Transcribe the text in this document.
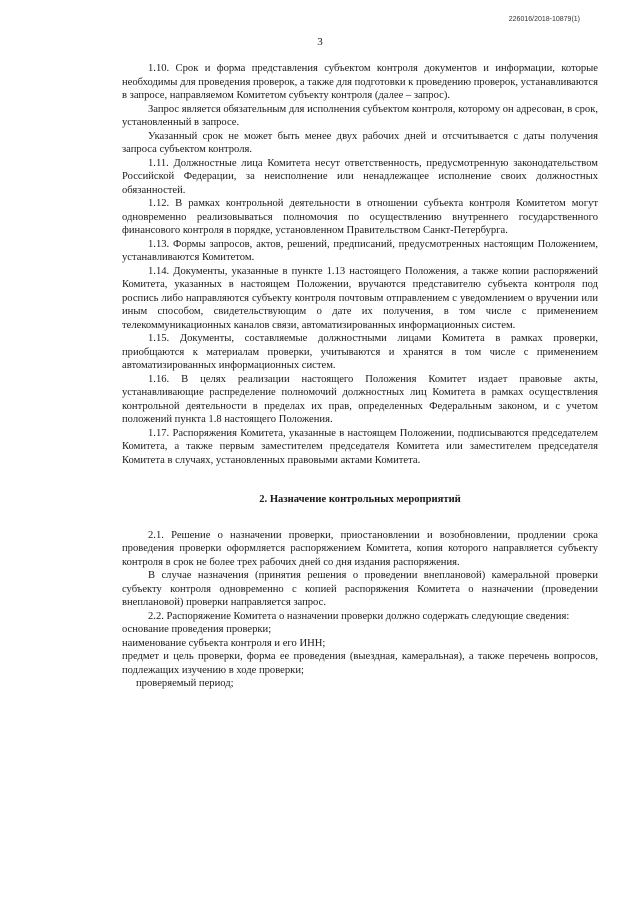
226016/2018-10879(1)
3

1.10. Срок и форма представления субъектом контроля документов и информации, которые необходимы для проведения проверок, а также для подготовки к проведению проверок, устанавливаются в запросе, направляемом Комитетом субъекту контроля (далее – запрос).

Запрос является обязательным для исполнения субъектом контроля, которому он адресован, в срок, установленный в запросе.

Указанный срок не может быть менее двух рабочих дней и отсчитывается с даты получения запроса субъектом контроля.

1.11. Должностные лица Комитета несут ответственность, предусмотренную законодательством Российской Федерации, за неисполнение или ненадлежащее исполнение своих должностных обязанностей.

1.12. В рамках контрольной деятельности в отношении субъекта контроля Комитетом могут одновременно реализовываться полномочия по осуществлению внутреннего государственного финансового контроля в порядке, установленном Правительством Санкт-Петербурга.

1.13. Формы запросов, актов, решений, предписаний, предусмотренных настоящим Положением, устанавливаются Комитетом.

1.14. Документы, указанные в пункте 1.13 настоящего Положения, а также копии распоряжений Комитета, указанных в настоящем Положении, вручаются представителю субъекта контроля под роспись либо направляются субъекту контроля почтовым отправлением с уведомлением о вручении или иным способом, свидетельствующим о дате их получения, в том числе с применением телекоммуникационных каналов связи, автоматизированных информационных систем.

1.15. Документы, составляемые должностными лицами Комитета в рамках проверки, приобщаются к материалам проверки, учитываются и хранятся в том числе с применением автоматизированных информационных систем.

1.16. В целях реализации настоящего Положения Комитет издает правовые акты, устанавливающие распределение полномочий должностных лиц Комитета в рамках осуществления контрольной деятельности в пределах их прав, определенных Федеральным законом, и с учетом положений пункта 1.8 настоящего Положения.

1.17. Распоряжения Комитета, указанные в настоящем Положении, подписываются председателем Комитета, а также первым заместителем председателя Комитета или заместителем председателя Комитета в случаях, установленных правовыми актами Комитета.

2. Назначение контрольных мероприятий

2.1. Решение о назначении проверки, приостановлении и возобновлении, продлении срока проведения проверки оформляется распоряжением Комитета, копия которого направляется субъекту контроля в срок не более трех рабочих дней со дня издания распоряжения.

В случае назначения (принятия решения о проведении внеплановой) камеральной проверки субъекту контроля одновременно с копией распоряжения Комитета о назначении (проведении внеплановой) проверки направляется запрос.

2.2. Распоряжение Комитета о назначении проверки должно содержать следующие сведения:

основание проведения проверки;

наименование субъекта контроля и его ИНН;

предмет и цель проверки, форма ее проведения (выездная, камеральная), а также перечень вопросов, подлежащих изучению в ходе проверки;

проверяемый период;
